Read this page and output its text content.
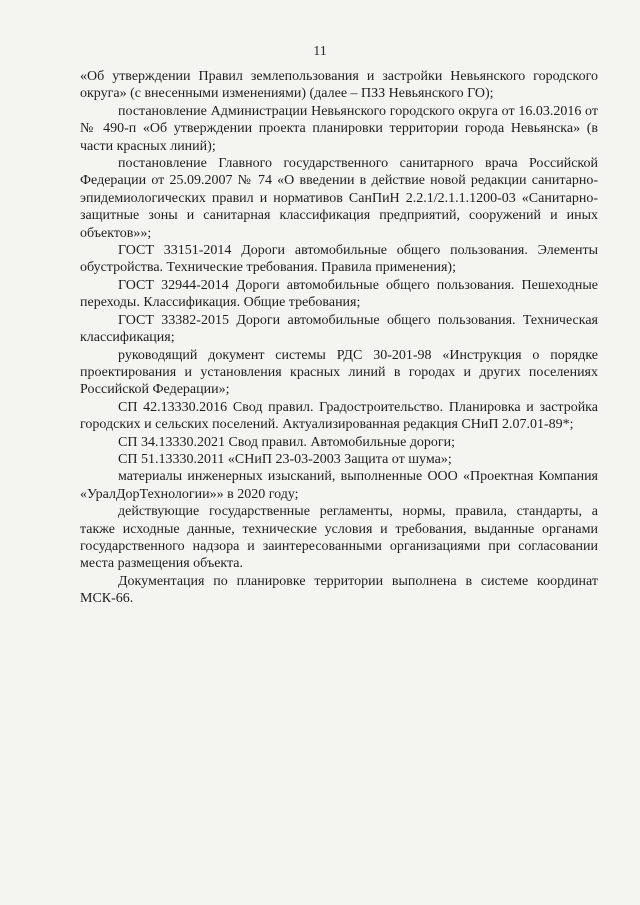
11

«Об утверждении Правил землепользования и застройки Невьянского городского округа» (с внесенными изменениями) (далее – ПЗЗ Невьянского ГО);

постановление Администрации Невьянского городского округа от 16.03.2016 от № 490-п «Об утверждении проекта планировки территории города Невьянска» (в части красных линий);

постановление Главного государственного санитарного врача Российской Федерации от 25.09.2007 № 74 «О введении в действие новой редакции санитарно-эпидемиологических правил и нормативов СанПиН 2.2.1/2.1.1.1200-03 «Санитарно-защитные зоны и санитарная классификация предприятий, сооружений и иных объектов»»;

ГОСТ 33151-2014 Дороги автомобильные общего пользования. Элементы обустройства. Технические требования. Правила применения);

ГОСТ 32944-2014 Дороги автомобильные общего пользования. Пешеходные переходы. Классификация. Общие требования;

ГОСТ 33382-2015 Дороги автомобильные общего пользования. Техническая классификация;

руководящий документ системы РДС 30-201-98 «Инструкция о порядке проектирования и установления красных линий в городах и других поселениях Российской Федерации»;

СП 42.13330.2016 Свод правил. Градостроительство. Планировка и застройка городских и сельских поселений. Актуализированная редакция СНиП 2.07.01-89*;

СП 34.13330.2021 Свод правил. Автомобильные дороги;

СП 51.13330.2011 «СНиП 23-03-2003 Защита от шума»;

материалы инженерных изысканий, выполненные ООО «Проектная Компания «УралДорТехнологии»» в 2020 году;

действующие государственные регламенты, нормы, правила, стандарты, а также исходные данные, технические условия и требования, выданные органами государственного надзора и заинтересованными организациями при согласовании места размещения объекта.

Документация по планировке территории выполнена в системе координат МСК-66.
